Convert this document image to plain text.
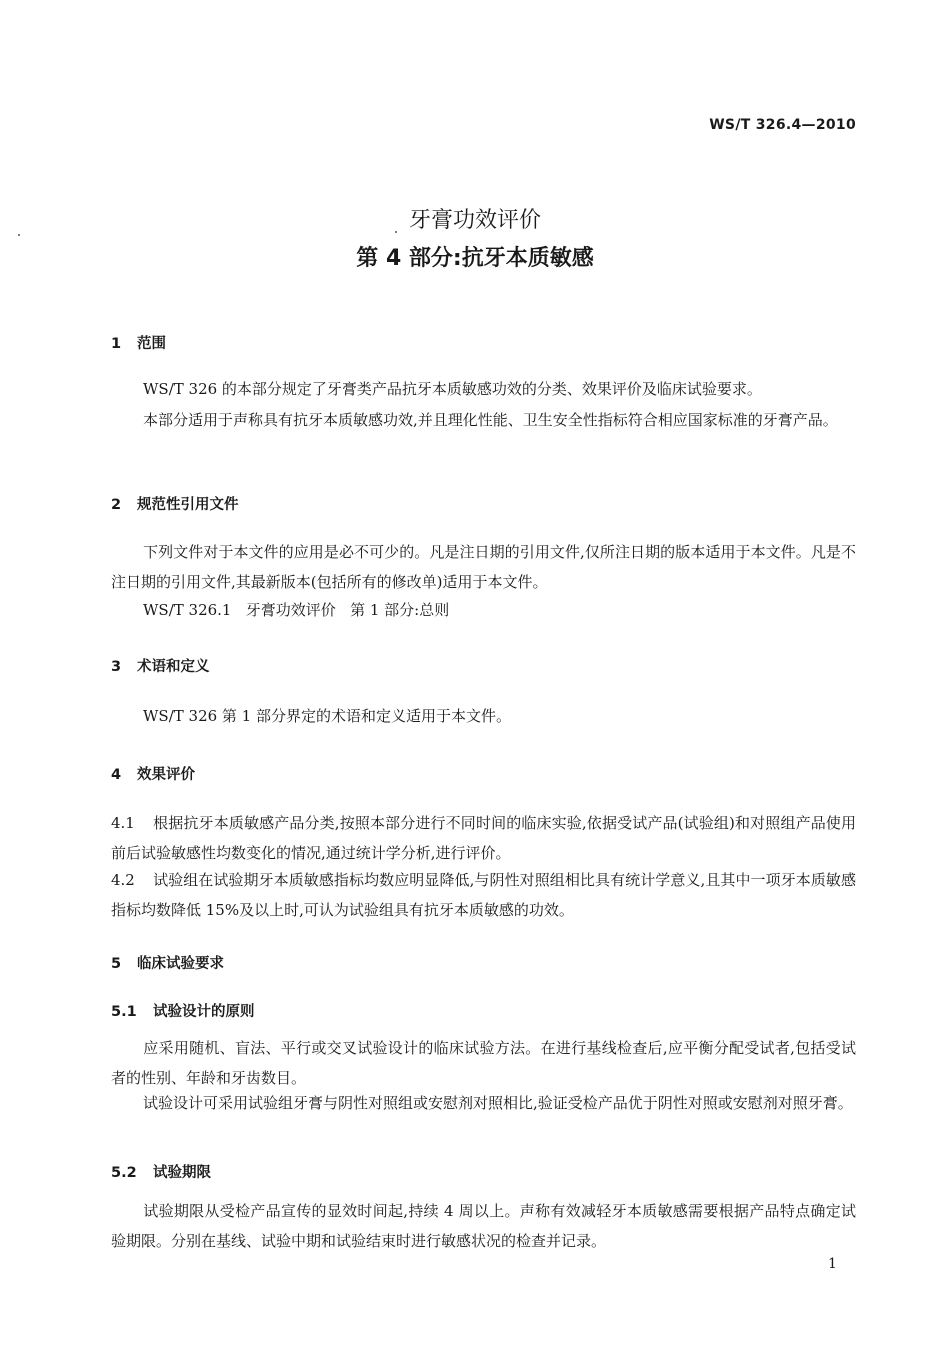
WS/T 326.4—2010
牙膏功效评价
第 4 部分:抗牙本质敏感
1 范围
WS/T 326 的本部分规定了牙膏类产品抗牙本质敏感功效的分类、效果评价及临床试验要求。
本部分适用于声称具有抗牙本质敏感功效,并且理化性能、卫生安全性指标符合相应国家标准的牙膏产品。
2 规范性引用文件
下列文件对于本文件的应用是必不可少的。凡是注日期的引用文件,仅所注日期的版本适用于本文件。凡是不注日期的引用文件,其最新版本(包括所有的修改单)适用于本文件。
WS/T 326.1   牙膏功效评价   第 1 部分:总则
3 术语和定义
WS/T 326 第 1 部分界定的术语和定义适用于本文件。
4 效果评价
4.1 根据抗牙本质敏感产品分类,按照本部分进行不同时间的临床实验,依据受试产品(试验组)和对照组产品使用前后试验敏感性均数变化的情况,通过统计学分析,进行评价。
4.2 试验组在试验期牙本质敏感指标均数应明显降低,与阴性对照组相比具有统计学意义,且其中一项牙本质敏感指标均数降低 15%及以上时,可认为试验组具有抗牙本质敏感的功效。
5 临床试验要求
5.1 试验设计的原则
应采用随机、盲法、平行或交叉试验设计的临床试验方法。在进行基线检查后,应平衡分配受试者,包括受试者的性别、年龄和牙齿数目。
试验设计可采用试验组牙膏与阴性对照组或安慰剂对照相比,验证受检产品优于阴性对照或安慰剂对照牙膏。
5.2 试验期限
试验期限从受检产品宣传的显效时间起,持续 4 周以上。声称有效减轻牙本质敏感需要根据产品特点确定试验期限。分别在基线、试验中期和试验结束时进行敏感状况的检查并记录。
1
